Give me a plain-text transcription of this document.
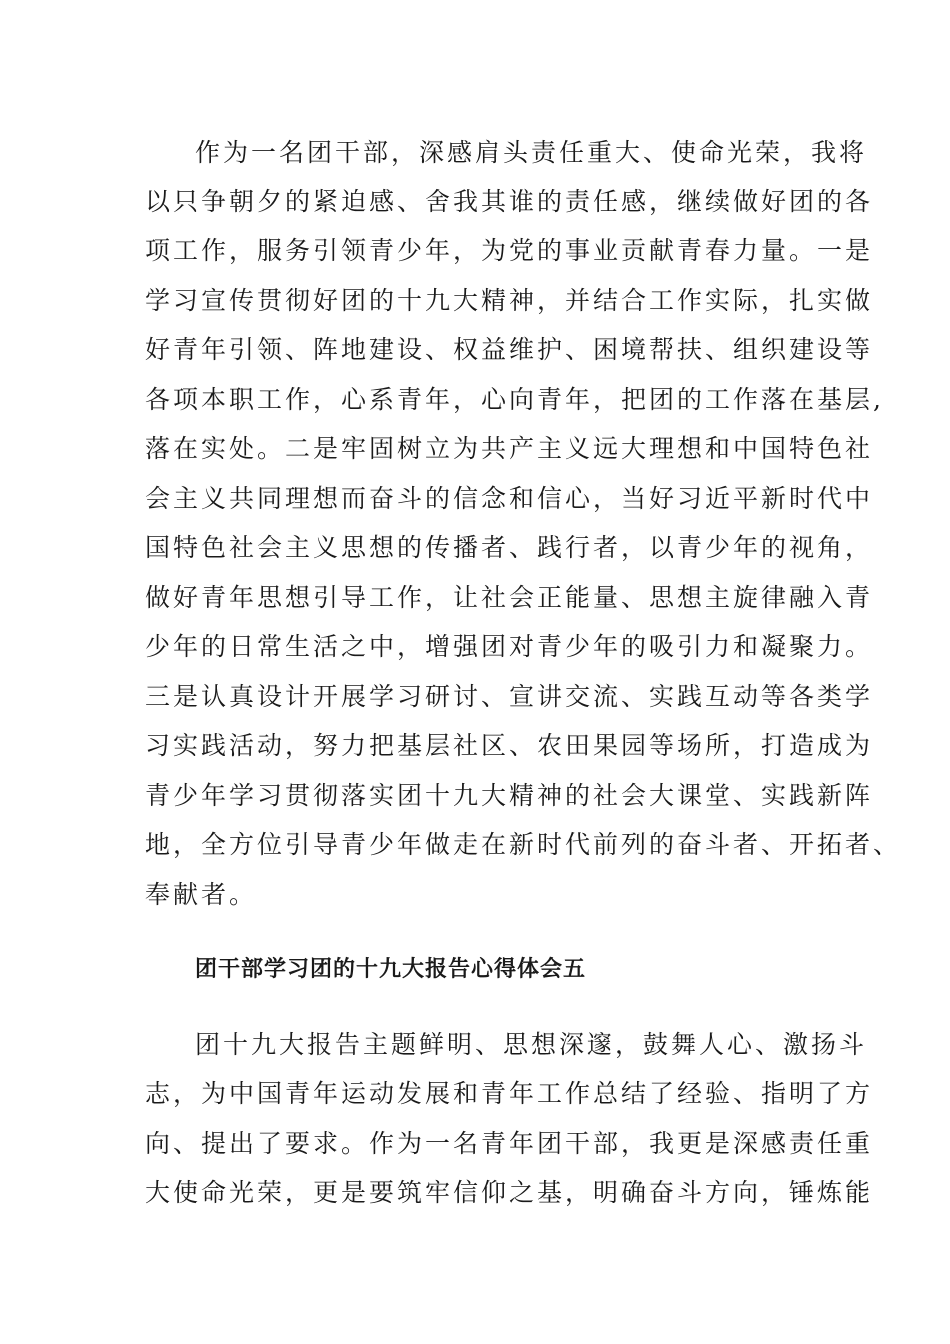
作为一名团干部，深感肩头责任重大、使命光荣，我将
以只争朝夕的紧迫感、舍我其谁的责任感，继续做好团的各
项工作，服务引领青少年，为党的事业贡献青春力量。一是
学习宣传贯彻好团的十九大精神，并结合工作实际，扎实做
好青年引领、阵地建设、权益维护、困境帮扶、组织建设等
各项本职工作，心系青年，心向青年，把团的工作落在基层,
落在实处。二是牢固树立为共产主义远大理想和中国特色社
会主义共同理想而奋斗的信念和信心，当好习近平新时代中
国特色社会主义思想的传播者、践行者，以青少年的视角，
做好青年思想引导工作，让社会正能量、思想主旋律融入青
少年的日常生活之中，增强团对青少年的吸引力和凝聚力。
三是认真设计开展学习研讨、宣讲交流、实践互动等各类学
习实践活动，努力把基层社区、农田果园等场所，打造成为
青少年学习贯彻落实团十九大精神的社会大课堂、实践新阵
地，全方位引导青少年做走在新时代前列的奋斗者、开拓者、
奉献者。
团干部学习团的十九大报告心得体会五
团十九大报告主题鲜明、思想深邃，鼓舞人心、激扬斗
志，为中国青年运动发展和青年工作总结了经验、指明了方
向、提出了要求。作为一名青年团干部，我更是深感责任重
大使命光荣，更是要筑牢信仰之基，明确奋斗方向，锤炼能
